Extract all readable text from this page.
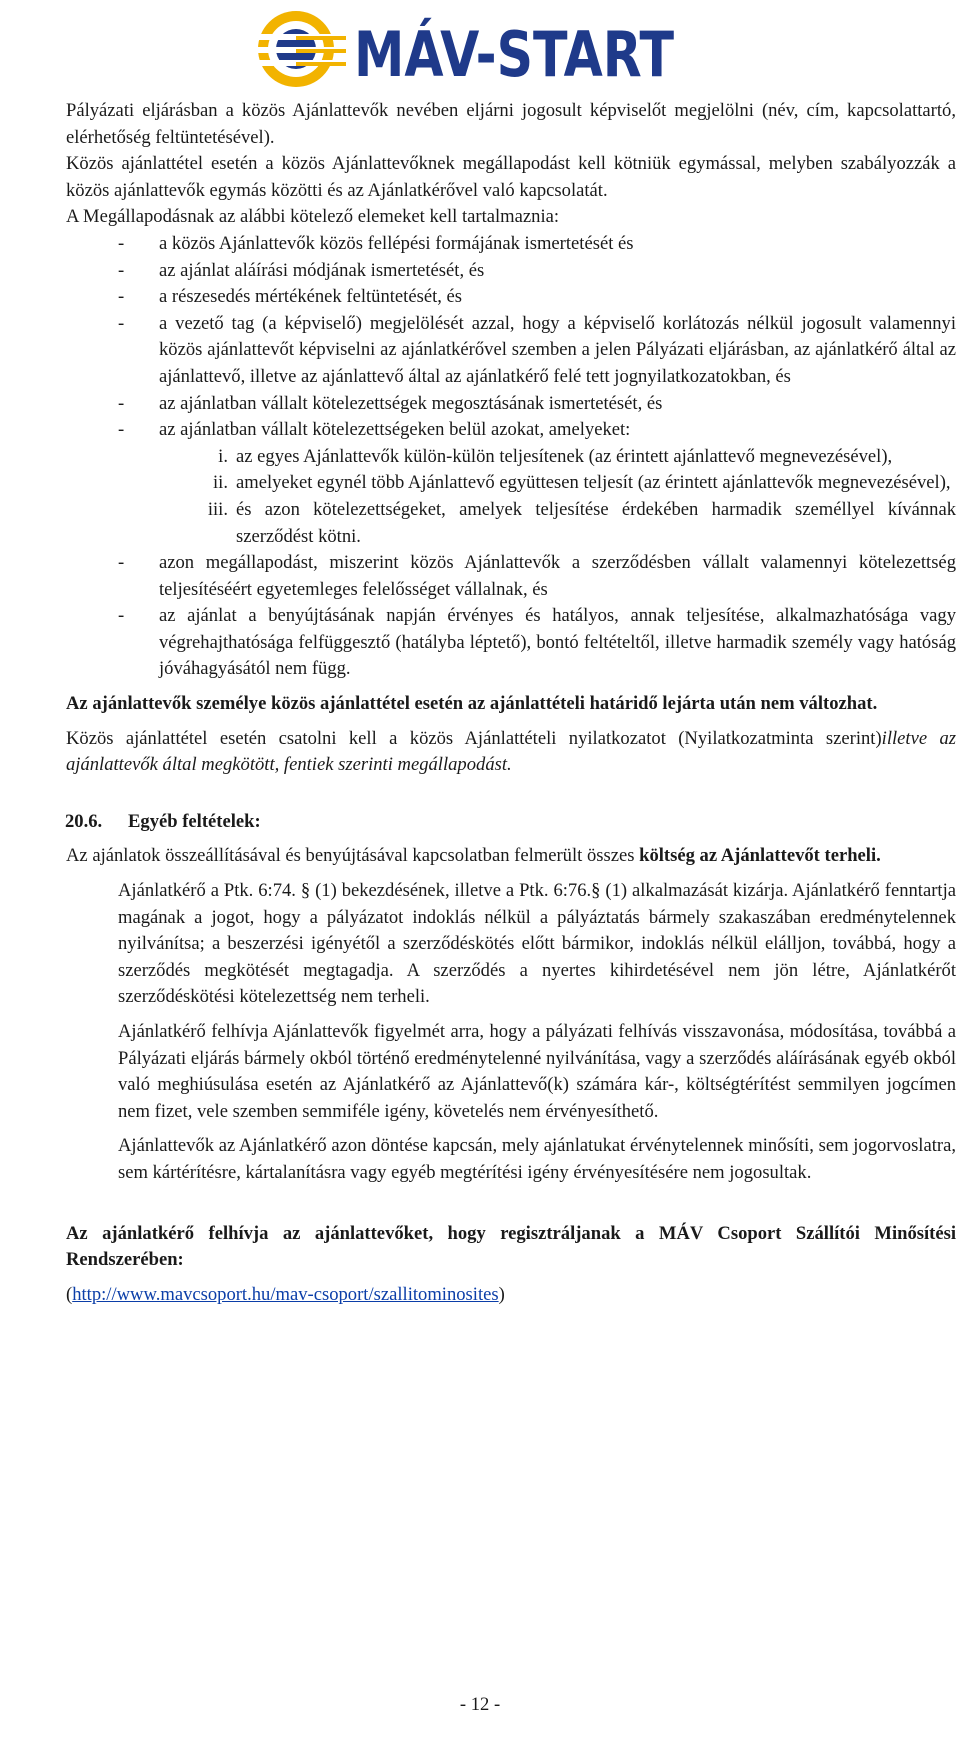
MÁV-START

Pályázati eljárásban a közös Ajánlattevők nevében eljárni jogosult képviselőt megjelölni (név, cím, kapcsolattartó, elérhetőség feltüntetésével).

Közös ajánlattétel esetén a közös Ajánlattevőknek megállapodást kell kötniük egymással, melyben szabályozzák a közös ajánlattevők egymás közötti és az Ajánlatkérővel való kapcsolatát.

A Megállapodásnak az alábbi kötelező elemeket kell tartalmaznia:

- a közös Ajánlattevők közös fellépési formájának ismertetését és
- az ajánlat aláírási módjának ismertetését, és
- a részesedés mértékének feltüntetését, és
- a vezető tag (a képviselő) megjelölését azzal, hogy a képviselő korlátozás nélkül jogosult valamennyi közös ajánlattevőt képviselni az ajánlatkérővel szemben a jelen Pályázati eljárásban, az ajánlatkérő által az ajánlattevő, illetve az ajánlattevő által az ajánlatkérő felé tett jognyilatkozatokban, és
- az ajánlatban vállalt kötelezettségek megosztásának ismertetését, és
- az ajánlatban vállalt kötelezettségeken belül azokat, amelyeket:
i. az egyes Ajánlattevők külön-külön teljesítenek (az érintett ajánlattevő megnevezésével),
ii. amelyeket egynél több Ajánlattevő együttesen teljesít (az érintett ajánlattevők megnevezésével),
iii. és azon kötelezettségeket, amelyek teljesítése érdekében harmadik személlyel kívánnak szerződést kötni.
- azon megállapodást, miszerint közös Ajánlattevők a szerződésben vállalt valamennyi kötelezettség teljesítéséért egyetemleges felelősséget vállalnak, és
- az ajánlat a benyújtásának napján érvényes és hatályos, annak teljesítése, alkalmazhatósága vagy végrehajthatósága felfüggesztő (hatályba léptető), bontó feltételtől, illetve harmadik személy vagy hatóság jóváhagyásától nem függ.

Az ajánlattevők személye közös ajánlattétel esetén az ajánlattételi határidő lejárta után nem változhat.

Közös ajánlattétel esetén csatolni kell a közös Ajánlattételi nyilatkozatot (Nyilatkozatminta szerint)illetve az ajánlattevők által megkötött, fentiek szerinti megállapodást.

20.6.	Egyéb feltételek:

Az ajánlatok összeállításával és benyújtásával kapcsolatban felmerült összes költség az Ajánlattevőt terheli.

Ajánlatkérő a Ptk. 6:74. § (1) bekezdésének, illetve a Ptk. 6:76.§ (1) alkalmazását kizárja. Ajánlatkérő fenntartja magának a jogot, hogy a pályázatot indoklás nélkül a pályáztatás bármely szakaszában eredménytelennek nyilvánítsa; a beszerzési igényétől a szerződéskötés előtt bármikor, indoklás nélkül elálljon, továbbá, hogy a szerződés megkötését megtagadja. A szerződés a nyertes kihirdetésével nem jön létre, Ajánlatkérőt szerződéskötési kötelezettség nem terheli.

Ajánlatkérő felhívja Ajánlattevők figyelmét arra, hogy a pályázati felhívás visszavonása, módosítása, továbbá a Pályázati eljárás bármely okból történő eredménytelenné nyilvánítása, vagy a szerződés aláírásának egyéb okból való meghiúsulása esetén az Ajánlatkérő az Ajánlattevő(k) számára kár-, költségtérítést semmilyen jogcímen nem fizet, vele szemben semmiféle igény, követelés nem érvényesíthető.

Ajánlattevők az Ajánlatkérő azon döntése kapcsán, mely ajánlatukat érvénytelennek minősíti, sem jogorvoslatra, sem kártérítésre, kártalanításra vagy egyéb megtérítési igény érvényesítésére nem jogosultak.

Az ajánlatkérő felhívja az ajánlattevőket, hogy regisztráljanak a MÁV Csoport Szállítói Minősítési Rendszerében:

(http://www.mavcsoport.hu/mav-csoport/szallitominosites)

- 12 -
